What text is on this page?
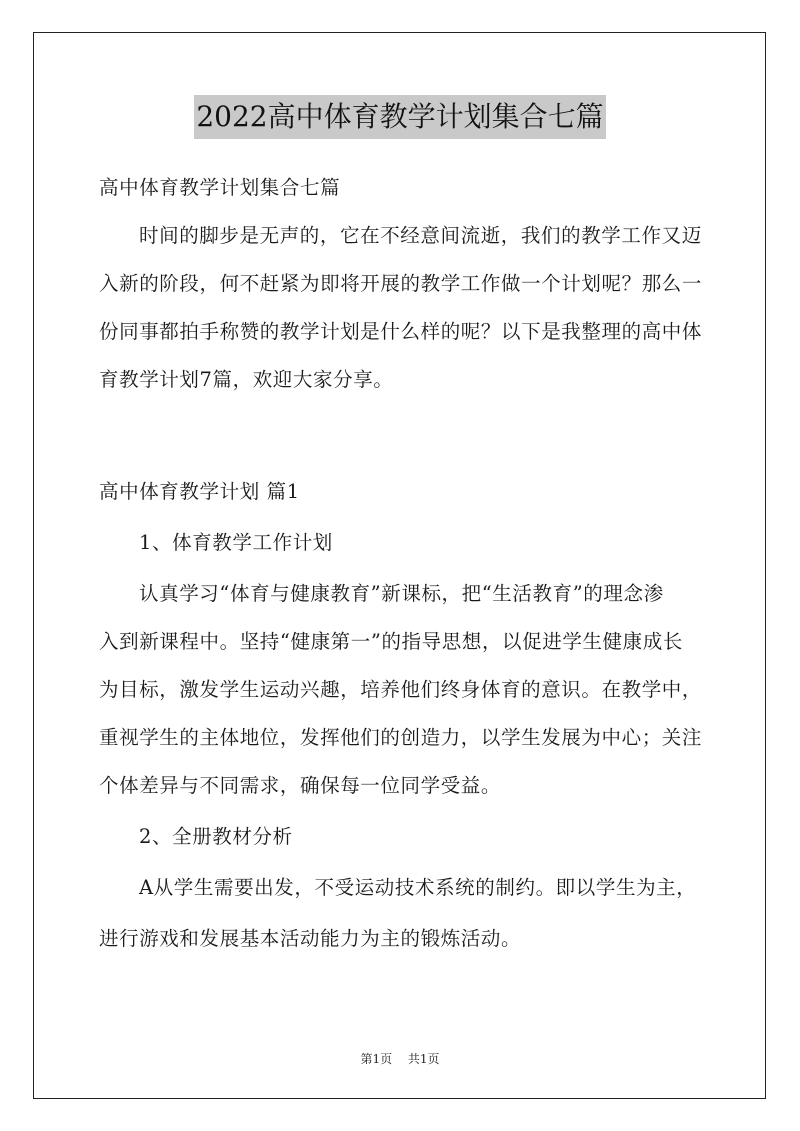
2022高中体育教学计划集合七篇
高中体育教学计划集合七篇
时间的脚步是无声的，它在不经意间流逝，我们的教学工作又迈
入新的阶段，何不赶紧为即将开展的教学工作做一个计划呢？那么一
份同事都拍手称赞的教学计划是什么样的呢？以下是我整理的高中体
育教学计划7篇，欢迎大家分享。
高中体育教学计划 篇1
1、体育教学工作计划
认真学习“体育与健康教育”新课标，把“生活教育”的理念渗
入到新课程中。坚持“健康第一”的指导思想，以促进学生健康成长
为目标，激发学生运动兴趣，培养他们终身体育的意识。在教学中，
重视学生的主体地位，发挥他们的创造力，以学生发展为中心；关注
个体差异与不同需求，确保每一位同学受益。
2、全册教材分析
A从学生需要出发，不受运动技术系统的制约。即以学生为主，
进行游戏和发展基本活动能力为主的锻炼活动。
第1页 共1页
